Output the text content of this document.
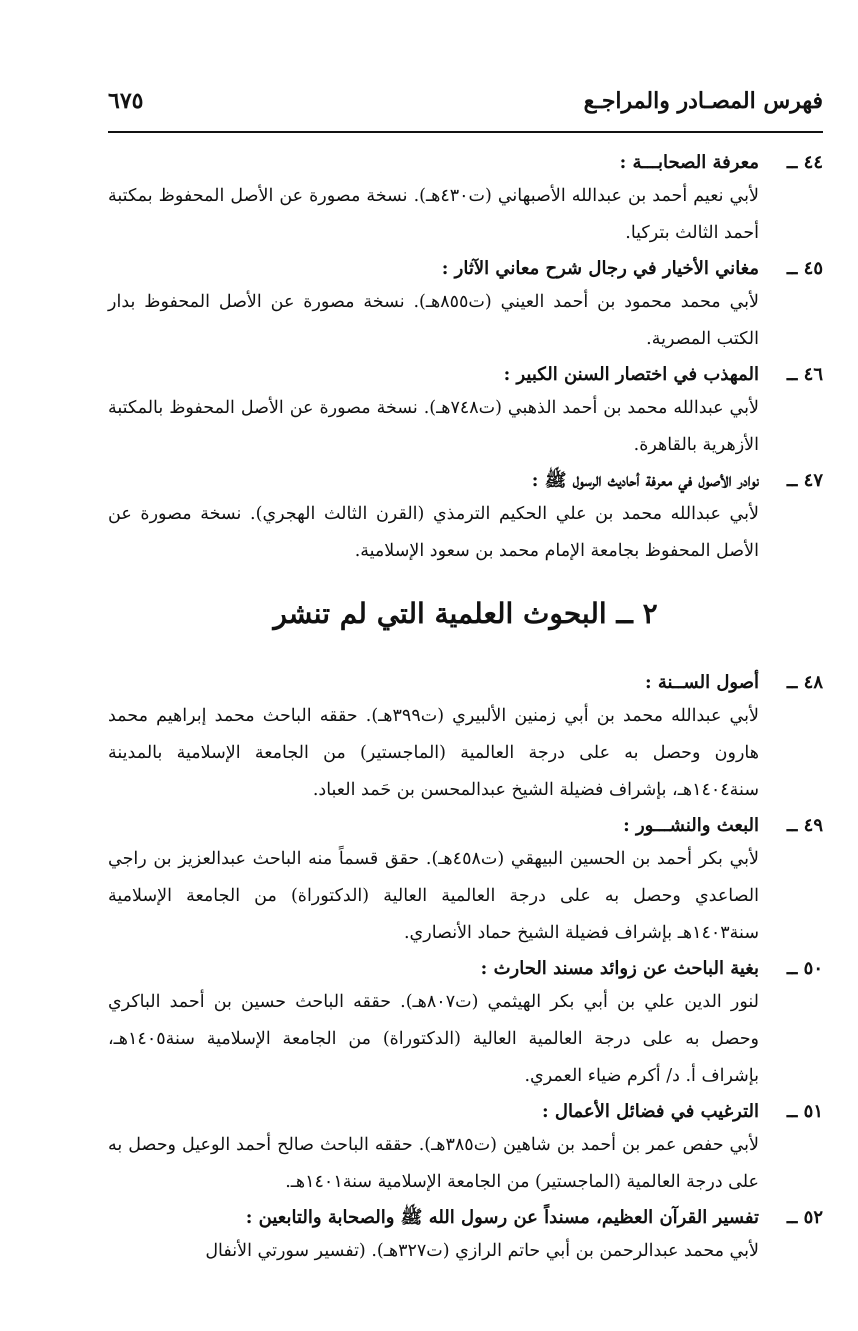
فهرس المصـادر والمراجـع
٦٧٥
٤٤ ــ
معرفة الصحابـــة :
لأبي نعيم أحمد بن عبدالله الأصبهاني (ت٤٣٠هـ). نسخة مصورة عن الأصل المحفوظ بمكتبة أحمد الثالث بتركيا.
٤٥ ــ
مغاني الأخيار في رجال شرح معاني الآثار :
لأبي محمد محمود بن أحمد العيني (ت٨٥٥هـ). نسخة مصورة عن الأصل المحفوظ بدار الكتب المصرية.
٤٦ ــ
المهذب في اختصار السنن الكبير :
لأبي عبدالله محمد بن أحمد الذهبي (ت٧٤٨هـ). نسخة مصورة عن الأصل المحفوظ بالمكتبة الأزهرية بالقاهرة.
٤٧ ــ
نوادر الأصول في معرفة أحاديث الرسول ﷺ :
لأبي عبدالله محمد بن علي الحكيم الترمذي (القرن الثالث الهجري). نسخة مصورة عن الأصل المحفوظ بجامعة الإمام محمد بن سعود الإسلامية.
٢ ــ البحوث العلمية التي لم تنشر
٤٨ ــ
أصول الســنة :
لأبي عبدالله محمد بن أبي زمنين الألبيري (ت٣٩٩هـ). حققه الباحث محمد إبراهيم محمد هارون وحصل به على درجة العالمية (الماجستير) من الجامعة الإسلامية بالمدينة سنة١٤٠٤هـ، بإشراف فضيلة الشيخ عبدالمحسن بن حَمد العباد.
٤٩ ــ
البعث والنشـــور :
لأبي بكر أحمد بن الحسين البيهقي (ت٤٥٨هـ). حقق قسماً منه الباحث عبدالعزيز بن راجي الصاعدي وحصل به على درجة العالمية العالية (الدكتوراة) من الجامعة الإسلامية سنة١٤٠٣هـ بإشراف فضيلة الشيخ حماد الأنصاري.
٥٠ ــ
بغية الباحث عن زوائد مسند الحارث :
لنور الدين علي بن أبي بكر الهيثمي (ت٨٠٧هـ). حققه الباحث حسين بن أحمد الباكري وحصل به على درجة العالمية العالية (الدكتوراة) من الجامعة الإسلامية سنة١٤٠٥هـ، بإشراف أ. د/ أكرم ضياء العمري.
٥١ ــ
الترغيب في فضائل الأعمال :
لأبي حفص عمر بن أحمد بن شاهين (ت٣٨٥هـ). حققه الباحث صالح أحمد الوعيل وحصل به على درجة العالمية (الماجستير) من الجامعة الإسلامية سنة١٤٠١هـ.
٥٢ ــ
تفسير القرآن العظيم، مسنداً عن رسول الله ﷺ والصحابة والتابعين :
لأبي محمد عبدالرحمن بن أبي حاتم الرازي (ت٣٢٧هـ). (تفسير سورتي الأنفال
